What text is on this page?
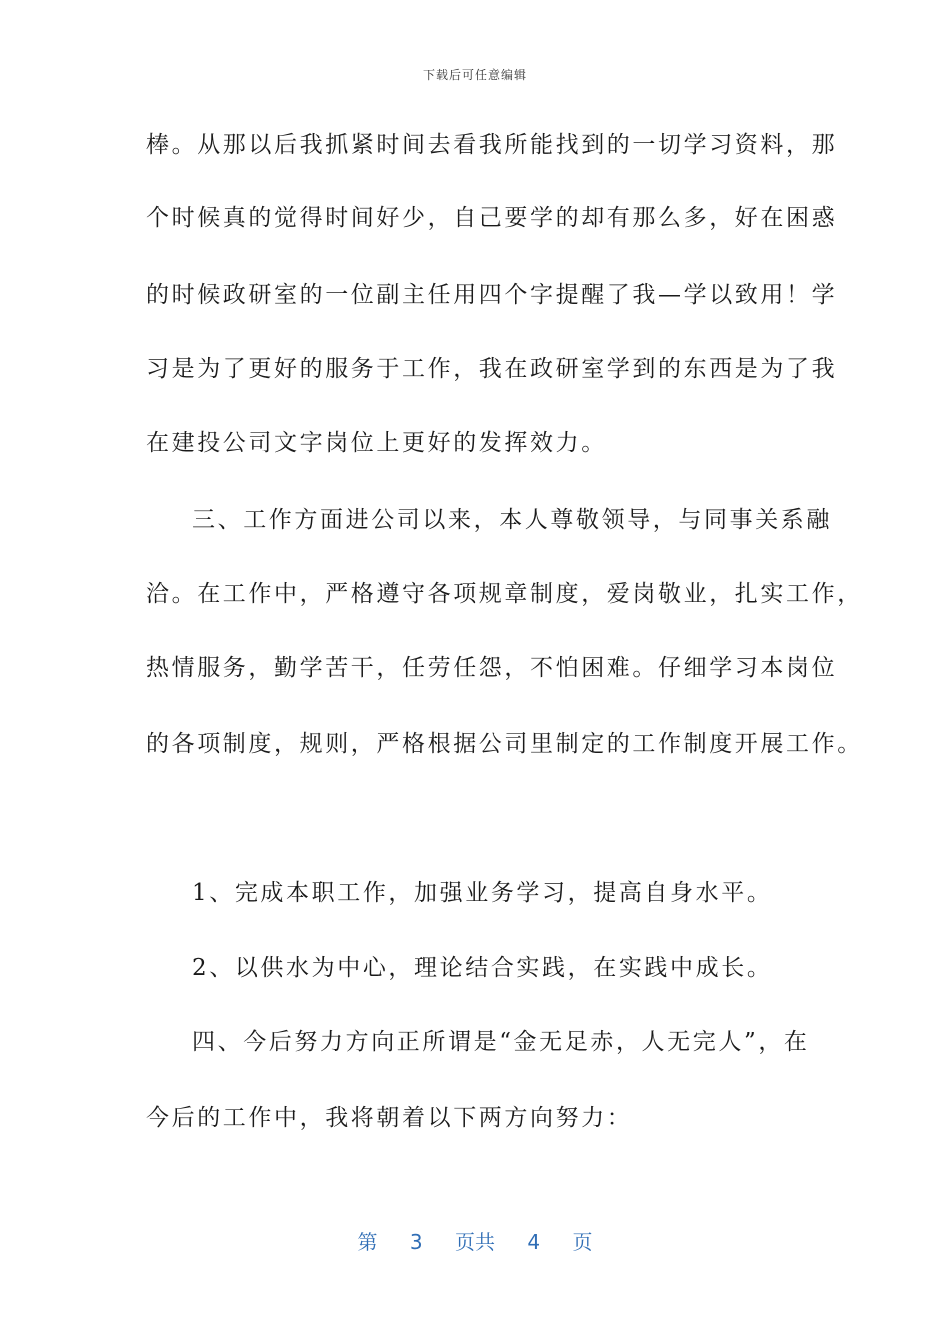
下载后可任意编辑
棒。从那以后我抓紧时间去看我所能找到的一切学习资料，那
个时候真的觉得时间好少，自己要学的却有那么多，好在困惑
的时候政研室的一位副主任用四个字提醒了我—学以致用！学
习是为了更好的服务于工作，我在政研室学到的东西是为了我
在建投公司文字岗位上更好的发挥效力。
三、工作方面进公司以来，本人尊敬领导，与同事关系融
洽。在工作中，严格遵守各项规章制度，爱岗敬业，扎实工作，
热情服务，勤学苦干，任劳任怨，不怕困难。仔细学习本岗位
的各项制度，规则，严格根据公司里制定的工作制度开展工作。
1、完成本职工作，加强业务学习，提高自身水平。
2、以供水为中心，理论结合实践，在实践中成长。
四、今后努力方向正所谓是“金无足赤，人无完人”，在
今后的工作中，我将朝着以下两方向努力：
第 3 页共 4 页
